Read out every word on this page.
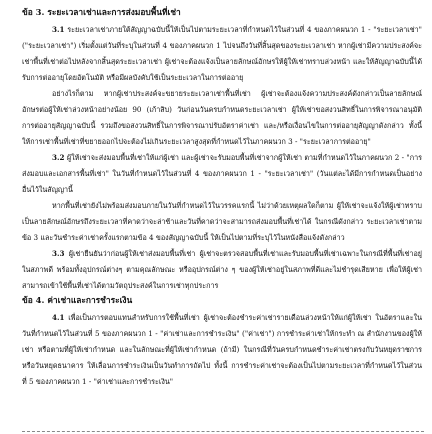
ข้อ 3. ระยะเวลาเช่าและการส่งมอบพื้นที่เช่า

3.1 ระยะเวลาเช่าภายใต้สัญญาฉบับนี้ให้เป็นไปตามระยะเวลาที่กำหนดไว้ในส่วนที่ 4 ของภาคผนวก 1 - "ระยะเวลาเช่า" ("ระยะเวลาเช่า") เริ่มตั้งแต่วันที่ระบุในส่วนที่ 4 ของภาคผนวก 1 ไปจนถึงวันที่สิ้นสุดของระยะเวลาเช่า หากผู้เช่ามีความประสงค์จะเช่าพื้นที่เช่าต่อไปหลังจากสิ้นสุดระยะเวลาเช่า ผู้เช่าจะต้องแจ้งเป็นลายลักษณ์อักษรให้ผู้ให้เช่าทราบล่วงหน้า และให้สัญญาฉบับนี้ได้รับการต่ออายุโดยอัตโนมัติ หรือมีผลบังคับใช้เป็นระยะเวลาในการต่ออายุ

อย่างไรก็ตาม หากผู้เช่าประสงค์จะขยายระยะเวลาเช่าพื้นที่เช่า ผู้เช่าจะต้องแจ้งความประสงค์ดังกล่าวเป็นลายลักษณ์อักษรต่อผู้ให้เช่าล่วงหน้าอย่างน้อย 90 (เก้าสิบ) วันก่อนวันครบกำหนดระยะเวลาเช่า ผู้ให้เช่าขอสงวนสิทธิ์ในการพิจารณาอนุมัติการต่ออายุสัญญาฉบับนี้ รวมถึงขอสงวนสิทธิ์ในการพิจารณาปรับอัตราค่าเช่า และ/หรือเงื่อนไขในการต่ออายุสัญญาดังกล่าว ทั้งนี้ ให้การเช่าพื้นที่เช่าที่ขยายออกไปจะต้องไม่เกินระยะเวลาสูงสุดที่กำหนดไว้ในภาคผนวก 3 - "ระยะเวลาการต่ออายุ"

3.2 ผู้ให้เช่าจะส่งมอบพื้นที่เช่าให้แก่ผู้เช่า และผู้เช่าจะรับมอบพื้นที่เช่าจากผู้ให้เช่า ตามที่กำหนดไว้ในภาคผนวก 2 - "การส่งมอบและเอกสารพื้นที่เช่า" ในวันที่กำหนดไว้ในส่วนที่ 4 ของภาคผนวก 1 - "ระยะเวลาเช่า" (วันแต่ละได้มีการกำหนดเป็นอย่างอื่นไว้ในสัญญานี้

หากพื้นที่เช่ายังไม่พร้อมส่งมอบภายในวันที่กำหนดไว้ในวรรคแรกนี้ ไม่ว่าด้วยเหตุผลใดก็ตาม ผู้ให้เช่าจะแจ้งให้ผู้เช่าทราบเป็นลายลักษณ์อักษรถึงระยะเวลาที่คาดว่าจะล่าช้าและวันที่คาดว่าจะสามารถส่งมอบพื้นที่เช่าได้ ในกรณีดังกล่าว ระยะเวลาเช่าตามข้อ 3 และวันชำระค่าเช่าครั้งแรกตามข้อ 4 ของสัญญาฉบับนี้ ให้เป็นไปตามที่ระบุไว้ในหนังสือแจ้งดังกล่าว

3.3 ผู้เช่ายืนยันว่าก่อนผู้ให้เช่าส่งมอบพื้นที่เช่า ผู้เช่าจะตรวจสอบพื้นที่เช่าและรับมอบพื้นที่เช่าเฉพาะในกรณีที่พื้นที่เช่าอยู่ในสภาพดี พร้อมทั้งอุปกรณ์ต่างๆ ตามคุณลักษณะ หรืออุปกรณ์ต่าง ๆ ของผู้ให้เช่าอยู่ในสภาพที่ดีและไม่ชำรุดเสียหาย เพื่อให้ผู้เช่าสามารถเข้าใช้พื้นที่เช่าได้ตามวัตถุประสงค์ในการเช่าทุกประการ

ข้อ 4. ค่าเช่าและการชำระเงิน

4.1 เพื่อเป็นการตอบแทนสำหรับการใช้พื้นที่เช่า ผู้เช่าจะต้องชำระค่าเช่ารายเดือนล่วงหน้าให้แก่ผู้ให้เช่า ในอัตราและในวันที่กำหนดไว้ในส่วนที่ 5 ของภาคผนวก 1 - "ค่าเช่าและการชำระเงิน" ("ค่าเช่า") การชำระค่าเช่าให้กระทำ ณ สำนักงานของผู้ให้เช่า หรือตามที่ผู้ให้เช่ากำหนด และในลักษณะที่ผู้ให้เช่ากำหนด (ถ้ามี) ในกรณีที่วันครบกำหนดชำระค่าเช่าตรงกับวันหยุดราชการ หรือวันหยุดธนาคาร ให้เลื่อนการชำระเงินเป็นวันทำการถัดไป ทั้งนี้ การชำระค่าเช่าจะต้องเป็นไปตามระยะเวลาที่กำหนดไว้ในส่วนที่ 5 ของภาคผนวก 1 - "ค่าเช่าและการชำระเงิน"
